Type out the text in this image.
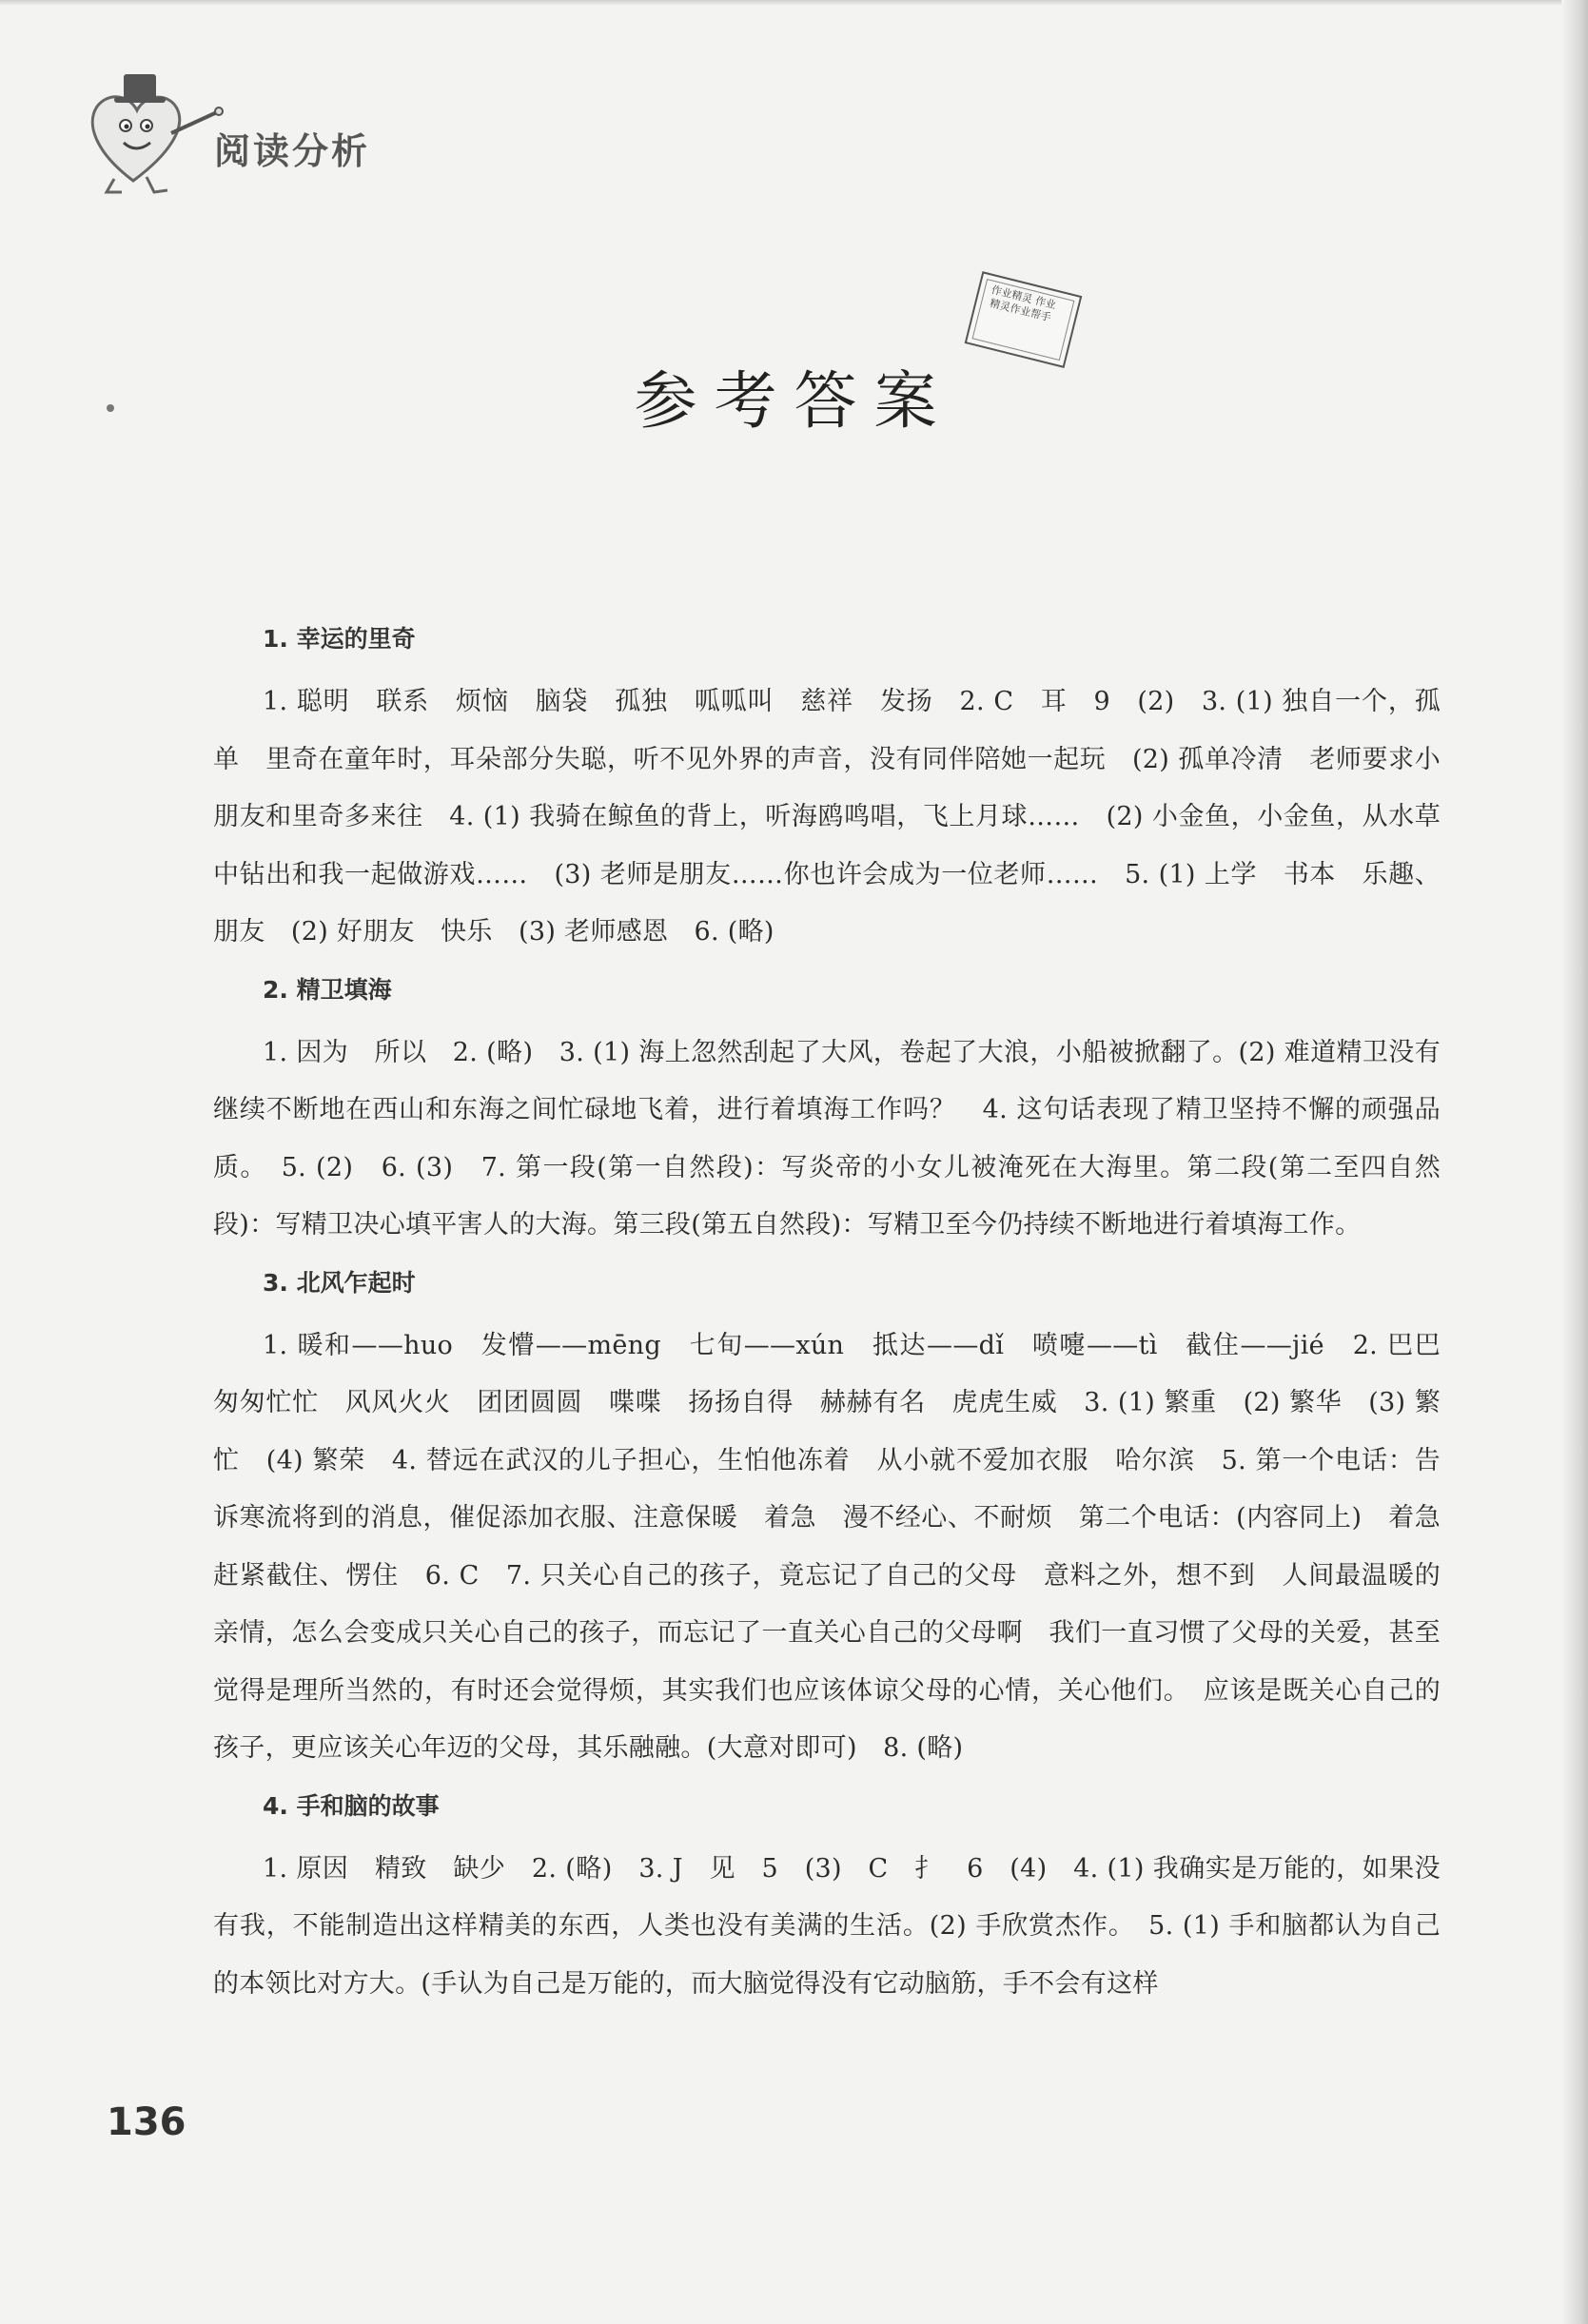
阅读分析
作业精灵 作业精灵作业帮手
参考答案
1. 幸运的里奇

1. 聪明　联系　烦恼　脑袋　孤独　呱呱叫　慈祥　发扬　2. C　耳　9　(2)　3. (1) 独自一个，孤单　里奇在童年时，耳朵部分失聪，听不见外界的声音，没有同伴陪她一起玩　(2) 孤单冷清　老师要求小朋友和里奇多来往　4. (1) 我骑在鲸鱼的背上，听海鸥鸣唱，飞上月球……　(2) 小金鱼，小金鱼，从水草中钻出和我一起做游戏……　(3) 老师是朋友……你也许会成为一位老师……　5. (1) 上学　书本　乐趣、朋友　(2) 好朋友　快乐　(3) 老师感恩　6. (略)

2. 精卫填海

1. 因为　所以　2. (略)　3. (1) 海上忽然刮起了大风，卷起了大浪，小船被掀翻了。(2) 难道精卫没有继续不断地在西山和东海之间忙碌地飞着，进行着填海工作吗？　4. 这句话表现了精卫坚持不懈的顽强品质。　5. (2)　6. (3)　7. 第一段(第一自然段)：写炎帝的小女儿被淹死在大海里。第二段(第二至四自然段)：写精卫决心填平害人的大海。第三段(第五自然段)：写精卫至今仍持续不断地进行着填海工作。

3. 北风乍起时

1. 暖和——huo　发懵——mēng　七旬——xún　抵达——dǐ　喷嚏——tì　截住——jié　2. 巴巴　匆匆忙忙　风风火火　团团圆圆　喋喋　扬扬自得　赫赫有名　虎虎生威　3. (1) 繁重　(2) 繁华　(3) 繁忙　(4) 繁荣　4. 替远在武汉的儿子担心，生怕他冻着　从小就不爱加衣服　哈尔滨　5. 第一个电话：告诉寒流将到的消息，催促添加衣服、注意保暖　着急　漫不经心、不耐烦　第二个电话：(内容同上)　着急　赶紧截住、愣住　6. C　7. 只关心自己的孩子，竟忘记了自己的父母　意料之外，想不到　人间最温暖的亲情，怎么会变成只关心自己的孩子，而忘记了一直关心自己的父母啊　我们一直习惯了父母的关爱，甚至觉得是理所当然的，有时还会觉得烦，其实我们也应该体谅父母的心情，关心他们。　应该是既关心自己的孩子，更应该关心年迈的父母，其乐融融。(大意对即可)　8. (略)

4. 手和脑的故事

1. 原因　精致　缺少　2. (略)　3. J　见　5　(3)　C　扌　6　(4)　4. (1) 我确实是万能的，如果没有我，不能制造出这样精美的东西，人类也没有美满的生活。(2) 手欣赏杰作。　5. (1) 手和脑都认为自己的本领比对方大。(手认为自己是万能的，而大脑觉得没有它动脑筋，手不会有这样

136
